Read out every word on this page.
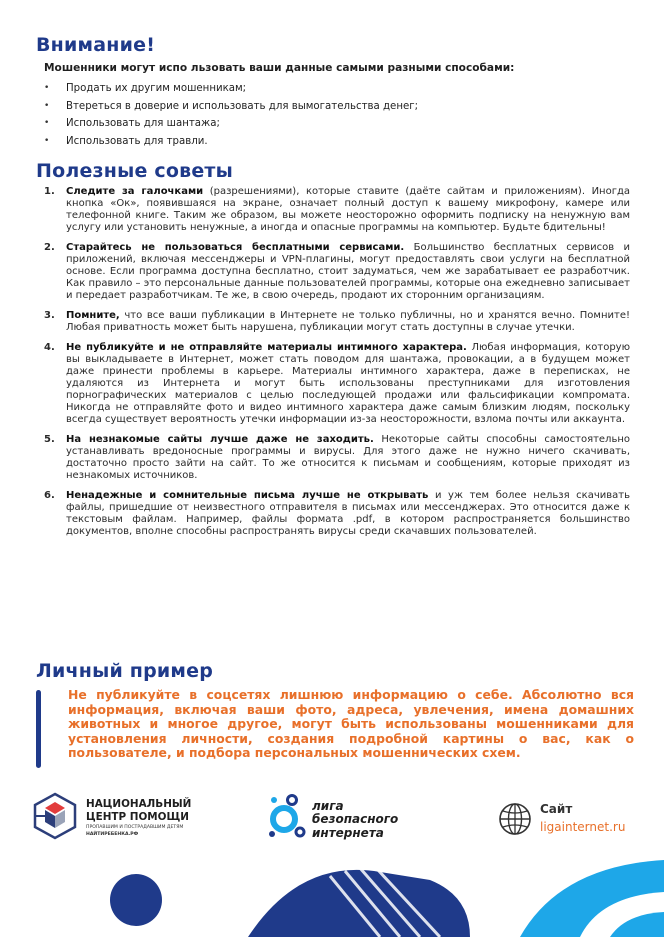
Внимание!
Мошенники могут испо льзовать ваши данные самыми разными способами:
• Продать их другим мошенникам;
• Втереться в доверие и использовать для вымогательства денег;
• Использовать для шантажа;
• Использовать для травли.
Полезные советы
1. Следите за галочками (разрешениями), которые ставите (даёте сайтам и приложениям). Иногда кнопка «Ок», появившаяся на экране, означает полный доступ к вашему микрофону, камере или телефонной книге. Таким же образом, вы можете неосторожно оформить подписку на ненужную вам услугу или установить ненужные, а иногда и опасные программы на компьютер. Будьте бдительны!
2. Старайтесь не пользоваться бесплатными сервисами. Большинство бесплатных сервисов и приложений, включая мессенджеры и VPN-плагины, могут предоставлять свои услуги на бесплатной основе. Если программа доступна бесплатно, стоит задуматься, чем же зарабатывает ее разработчик. Как правило – это персональные данные пользователей программы, которые она ежедневно записывает и передает разработчикам. Те же, в свою очередь, продают их сторонним организациям.
3. Помните, что все ваши публикации в Интернете не только публичны, но и хранятся вечно. Помните! Любая приватность может быть нарушена, публикации могут стать доступны в случае утечки.
4. Не публикуйте и не отправляйте материалы интимного характера. Любая информация, которую вы выкладываете в Интернет, может стать поводом для шантажа, провокации, а в будущем может даже принести проблемы в карьере. Материалы интимного характера, даже в переписках, не удаляются из Интернета и могут быть использованы преступниками для изготовления порнографических материалов с целью последующей продажи или фальсификации компромата. Никогда не отправляйте фото и видео интимного характера даже самым близким людям, поскольку всегда существует вероятность утечки информации из-за неосторожности, взлома почты или аккаунта.
5. На незнакомые сайты лучше даже не заходить. Некоторые сайты способны самостоятельно устанавливать вредоносные программы и вирусы. Для этого даже не нужно ничего скачивать, достаточно просто зайти на сайт. То же относится к письмам и сообщениям, которые приходят из незнакомых источников.
6. Ненадежные и сомнительные письма лучше не открывать и уж тем более нельзя скачивать файлы, пришедшие от неизвестного отправителя в письмах или мессенджерах. Это относится даже к текстовым файлам. Например, файлы формата .pdf, в котором распространяется большинство документов, вполне способны распространять вирусы среди скачавших пользователей.
Личный пример
Не публикуйте в соцсетях лишнюю информацию о себе. Абсолютно вся информация, включая ваши фото, адреса, увлечения, имена домашних животных и многое другое, могут быть использованы мошенниками для установления личности, создания подробной картины о вас, как о пользователе, и подбора персональных мошеннических схем.
НАЦИОНАЛЬНЫЙ
ЦЕНТР ПОМОЩИ
ПРОПАВШИМ И ПОСТРАДАВШИМ ДЕТЯМ
НАЙТИРЕБЕНКА.РФ
лига
безопасного
интернета
Сайт
ligainternet.ru
